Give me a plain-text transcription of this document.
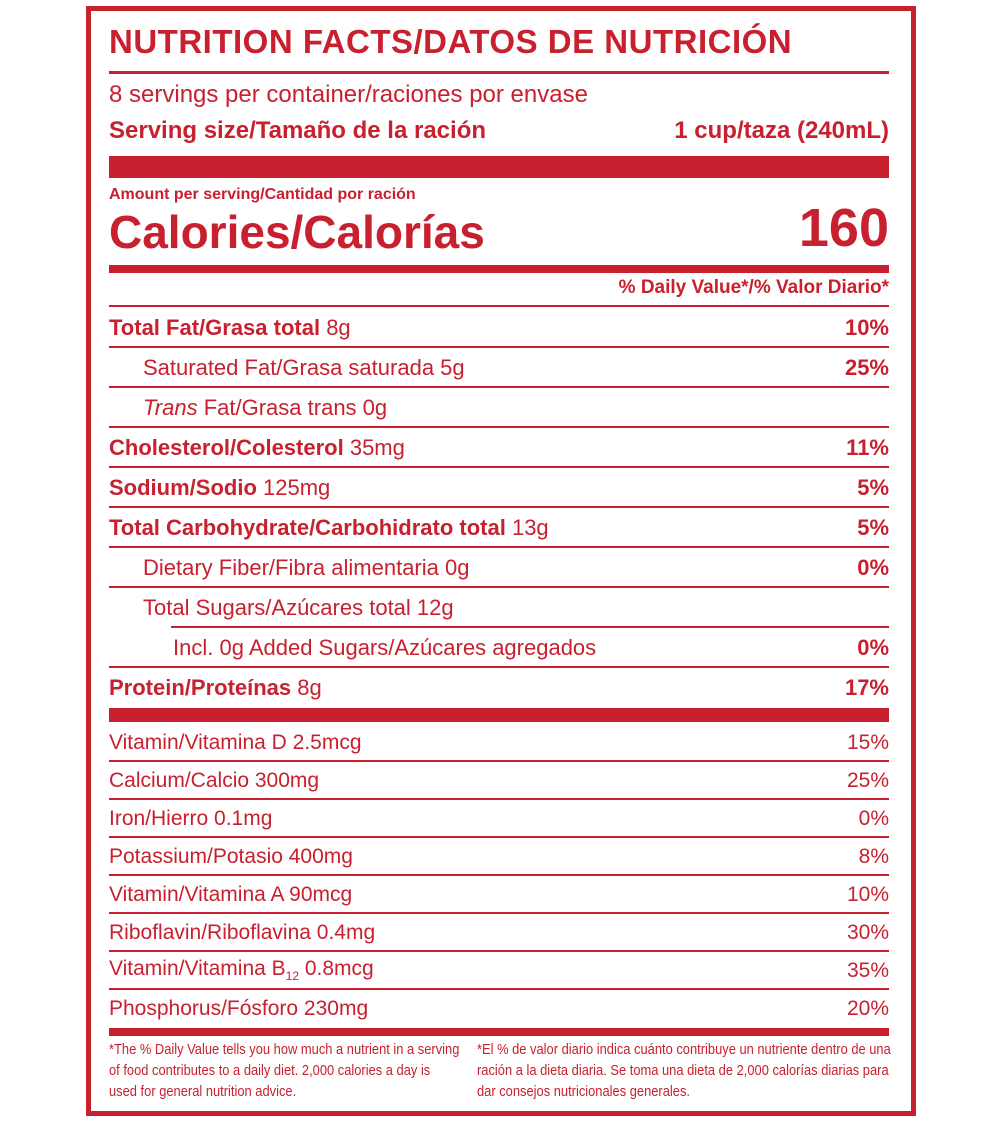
NUTRITION FACTS/DATOS DE NUTRICIÓN
8 servings per container/raciones por envase
Serving size/Tamaño de la ración	1 cup/taza (240mL)
Amount per serving/Cantidad por ración
Calories/Calorías	160
% Daily Value*/% Valor Diario*
Total Fat/Grasa total 8g	10%
Saturated Fat/Grasa saturada 5g	25%
Trans Fat/Grasa trans 0g
Cholesterol/Colesterol 35mg	11%
Sodium/Sodio 125mg	5%
Total Carbohydrate/Carbohidrato total 13g	5%
Dietary Fiber/Fibra alimentaria 0g	0%
Total Sugars/Azúcares total 12g
Incl. 0g Added Sugars/Azúcares agregados	0%
Protein/Proteínas 8g	17%
Vitamin/Vitamina D 2.5mcg	15%
Calcium/Calcio 300mg	25%
Iron/Hierro 0.1mg	0%
Potassium/Potasio 400mg	8%
Vitamin/Vitamina A 90mcg	10%
Riboflavin/Riboflavina 0.4mg	30%
Vitamin/Vitamina $B_{12}$ 0.8mcg	35%
Phosphorus/Fósforo 230mg	20%
*The % Daily Value tells you how much a nutrient in a serving of food contributes to a daily diet. 2,000 calories a day is used for general nutrition advice.
*El % de valor diario indica cuánto contribuye un nutriente dentro de una ración a la dieta diaria. Se toma una dieta de 2,000 calorías diarias para dar consejos nutricionales generales.
